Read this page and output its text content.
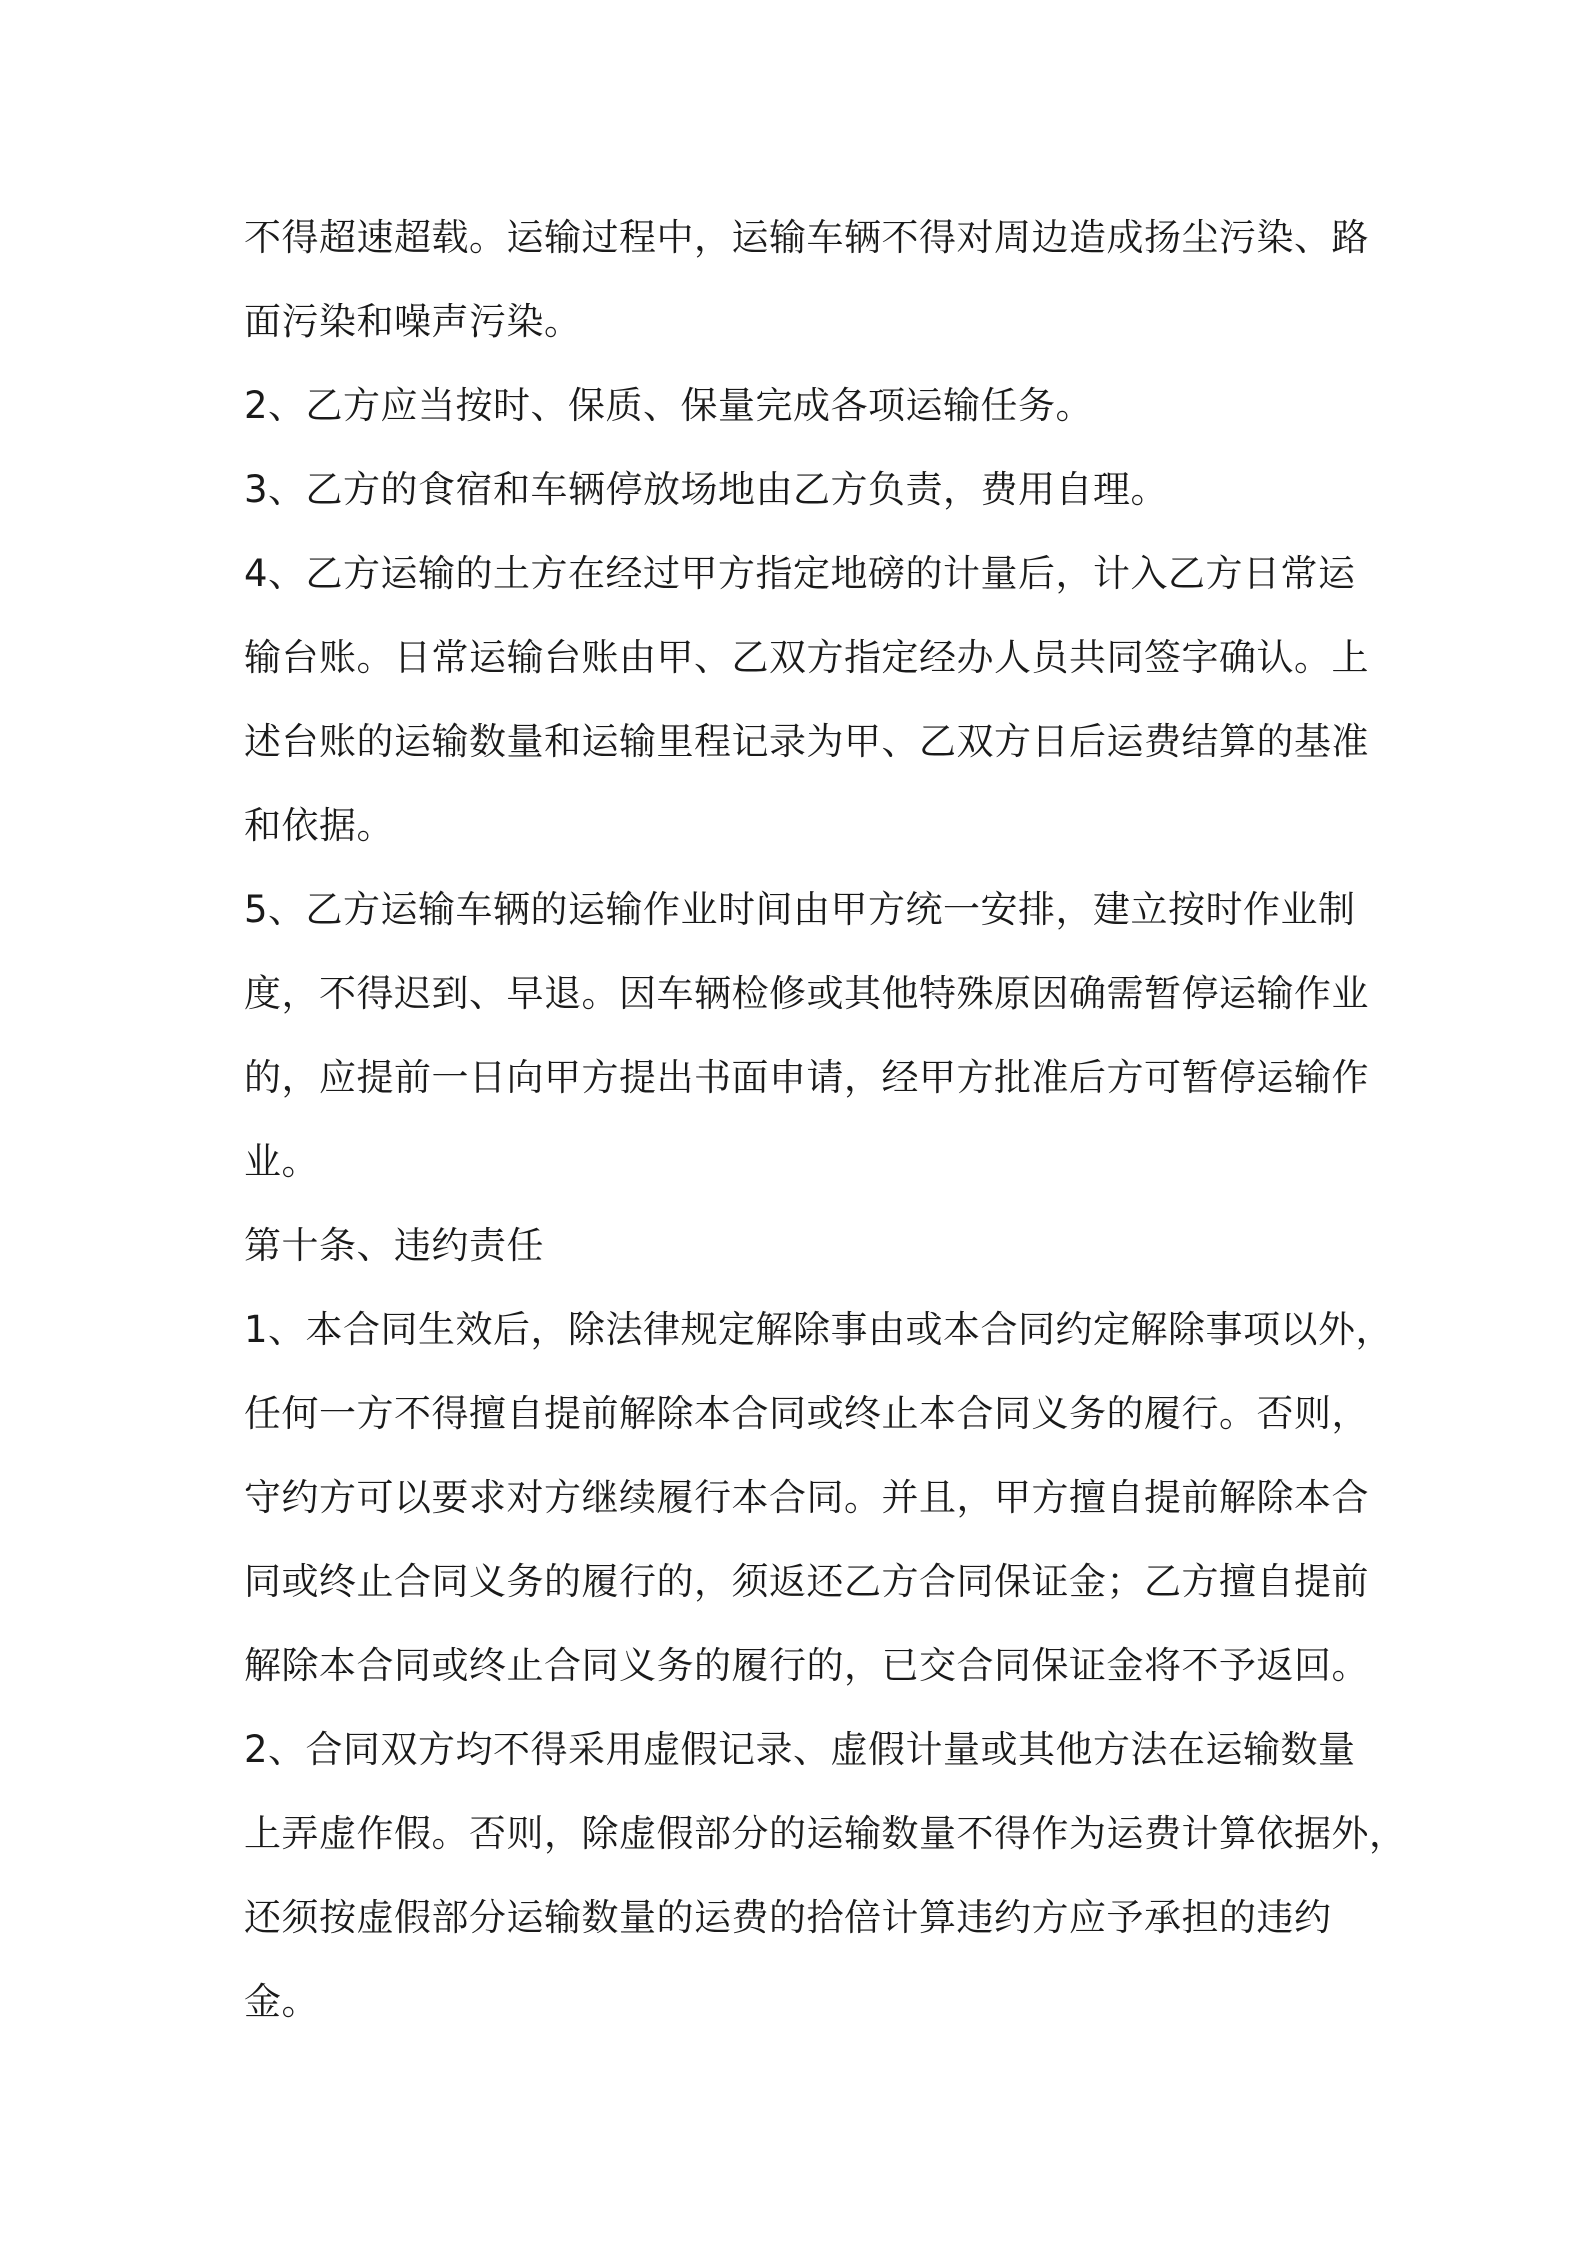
不得超速超载。运输过程中，运输车辆不得对周边造成扬尘污染、路
面污染和噪声污染。
2、乙方应当按时、保质、保量完成各项运输任务。
3、乙方的食宿和车辆停放场地由乙方负责，费用自理。
4、乙方运输的土方在经过甲方指定地磅的计量后，计入乙方日常运
输台账。日常运输台账由甲、乙双方指定经办人员共同签字确认。上
述台账的运输数量和运输里程记录为甲、乙双方日后运费结算的基准
和依据。
5、乙方运输车辆的运输作业时间由甲方统一安排，建立按时作业制
度，不得迟到、早退。因车辆检修或其他特殊原因确需暂停运输作业
的，应提前一日向甲方提出书面申请，经甲方批准后方可暂停运输作
业。
第十条、违约责任
1、本合同生效后，除法律规定解除事由或本合同约定解除事项以外，
任何一方不得擅自提前解除本合同或终止本合同义务的履行。否则，
守约方可以要求对方继续履行本合同。并且，甲方擅自提前解除本合
同或终止合同义务的履行的，须返还乙方合同保证金；乙方擅自提前
解除本合同或终止合同义务的履行的，已交合同保证金将不予返回。
2、合同双方均不得采用虚假记录、虚假计量或其他方法在运输数量
上弄虚作假。否则，除虚假部分的运输数量不得作为运费计算依据外，
还须按虚假部分运输数量的运费的拾倍计算违约方应予承担的违约
金。
